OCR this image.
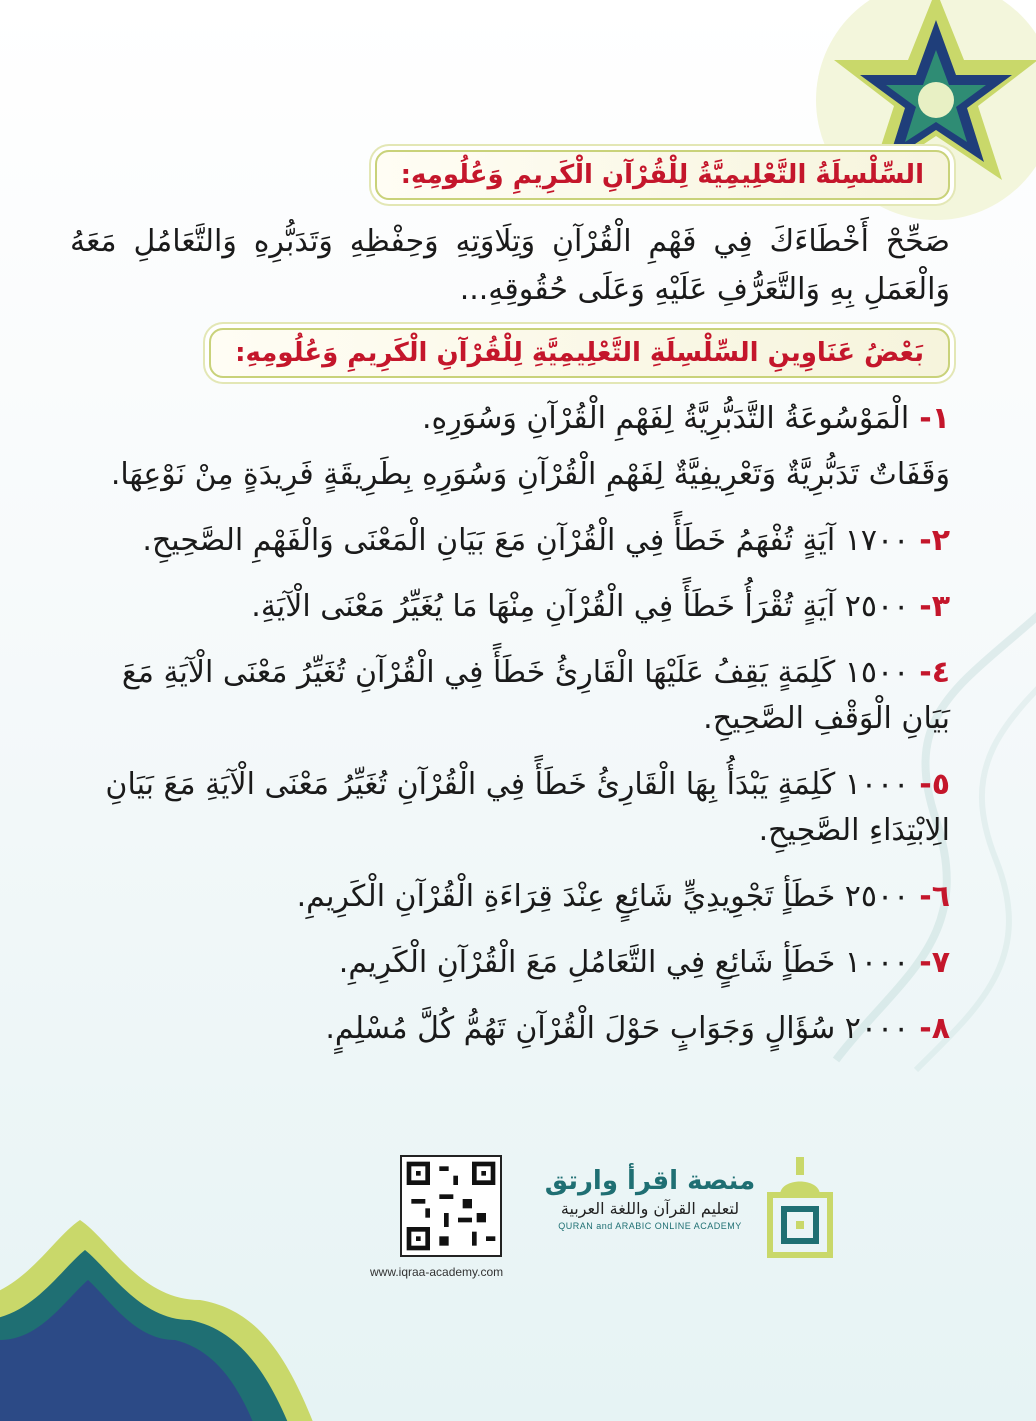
السِّلْسِلَةُ التَّعْلِيمِيَّةُ لِلْقُرْآنِ الْكَرِيمِ وَعُلُومِهِ:

صَحِّحْ أَخْطَاءَكَ فِي فَهْمِ الْقُرْآنِ وَتِلَاوَتِهِ وَحِفْظِهِ وَتَدَبُّرِهِ وَالتَّعَامُلِ مَعَهُ وَالْعَمَلِ بِهِ وَالتَّعَرُّفِ عَلَيْهِ وَعَلَى حُقُوقِهِ...

بَعْضُ عَنَاوِينِ السِّلْسِلَةِ التَّعْلِيمِيَّةِ لِلْقُرْآنِ الْكَرِيمِ وَعُلُومِهِ:
١-الْمَوْسُوعَةُ التَّدَبُّرِيَّةُ لِفَهْمِ الْقُرْآنِ وَسُوَرِهِ.
وَقَفَاتٌ تَدَبُّرِيَّةٌ وَتَعْرِيفِيَّةٌ لِفَهْمِ الْقُرْآنِ وَسُوَرِهِ بِطَرِيقَةٍ فَرِيدَةٍ مِنْ نَوْعِهَا.
٢-١٧٠٠ آيَةٍ تُفْهَمُ خَطَأً فِي الْقُرْآنِ مَعَ بَيَانِ الْمَعْنَى وَالْفَهْمِ الصَّحِيحِ.
٣-٢٥٠٠ آيَةٍ تُقْرَأُ خَطَأً فِي الْقُرْآنِ مِنْهَا مَا يُغَيِّرُ مَعْنَى الْآيَةِ.
٤-١٥٠٠ كَلِمَةٍ يَقِفُ عَلَيْهَا الْقَارِئُ خَطَأً فِي الْقُرْآنِ تُغَيِّرُ مَعْنَى الْآيَةِ مَعَ بَيَانِ الْوَقْفِ الصَّحِيحِ.
٥-١٠٠٠ كَلِمَةٍ يَبْدَأُ بِهَا الْقَارِئُ خَطَأً فِي الْقُرْآنِ تُغَيِّرُ مَعْنَى الْآيَةِ مَعَ بَيَانِ الِابْتِدَاءِ الصَّحِيحِ.
٦-٢٥٠٠ خَطَأٍ تَجْوِيدِيٍّ شَائِعٍ عِنْدَ قِرَاءَةِ الْقُرْآنِ الْكَرِيمِ.
٧-١٠٠٠ خَطَأٍ شَائِعٍ فِي التَّعَامُلِ مَعَ الْقُرْآنِ الْكَرِيمِ.
٨-٢٠٠٠ سُؤَالٍ وَجَوَابٍ حَوْلَ الْقُرْآنِ تَهُمُّ كُلَّ مُسْلِمٍ.
www.iqraa-academy.com
منصة اقرأ وارتق
لتعليم القرآن واللغة العربية
QURAN and ARABIC ONLINE ACADEMY
